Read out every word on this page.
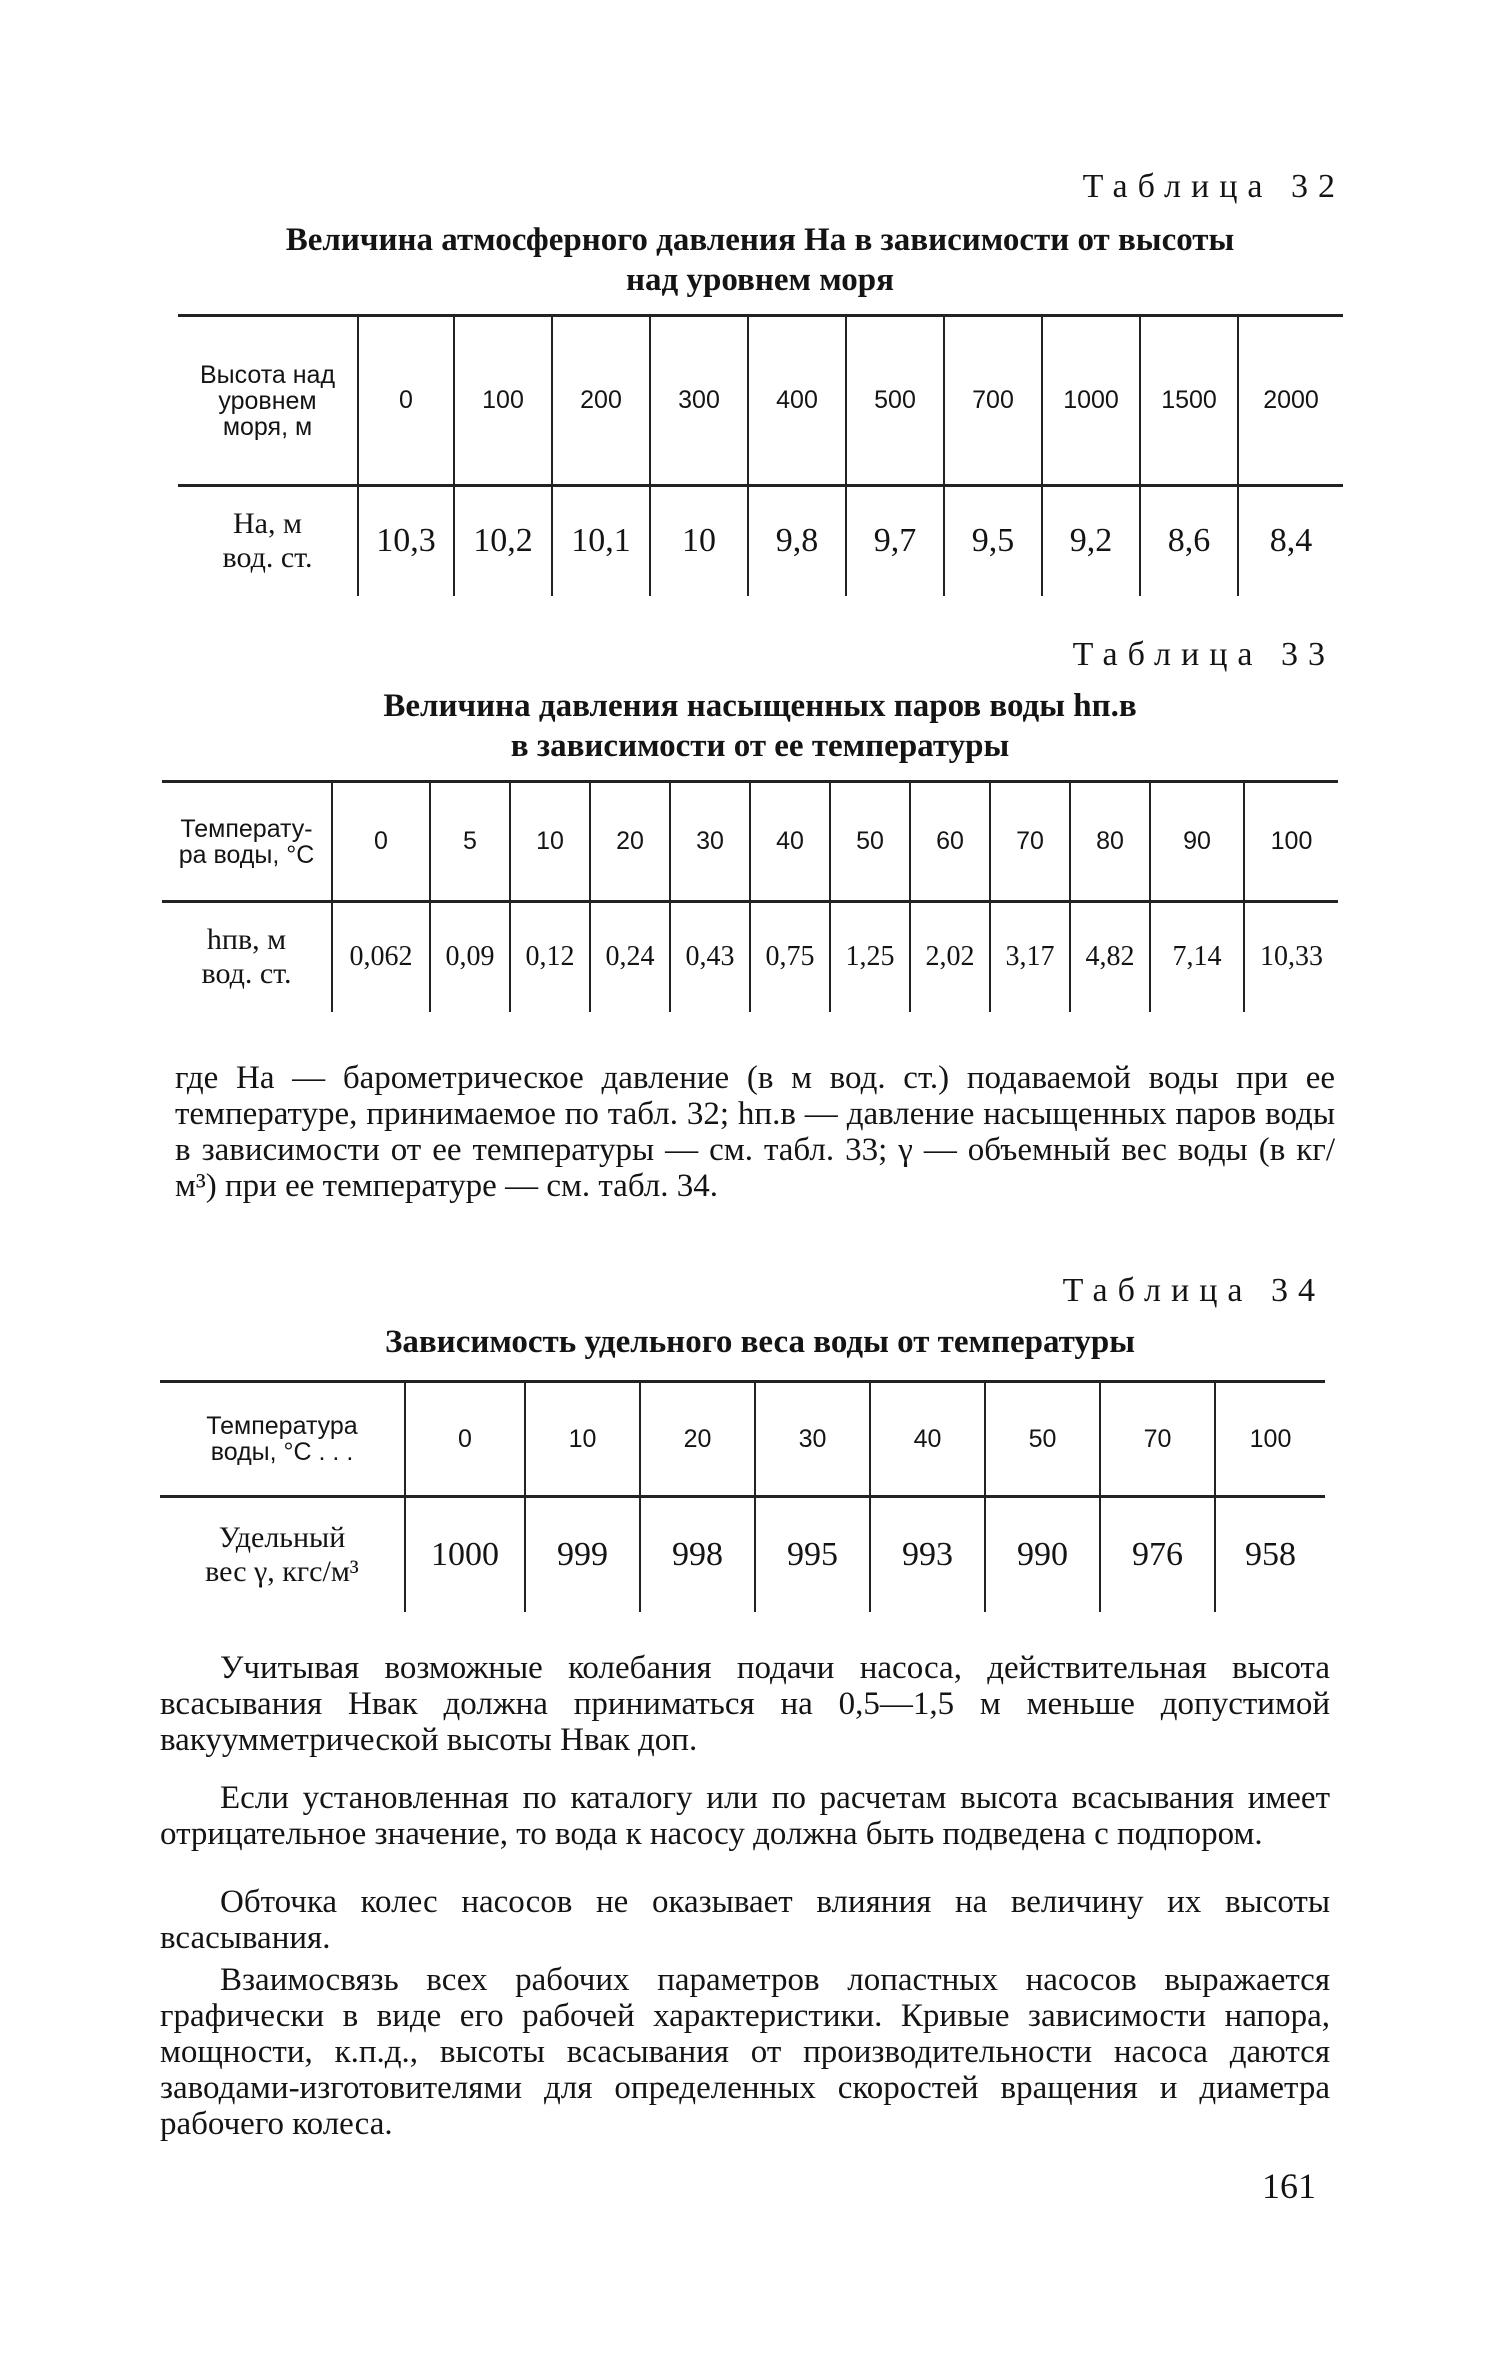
Таблица 32
Величина атмосферного давления Hа в зависимости от высоты
над уровнем моря
Высота над
уровнем
моря, м	0	100	200	300	400	500	700	1000	1500	2000

Hа, м
вод. ст.	10,3	10,2	10,1	10	9,8	9,7	9,5	9,2	8,6	8,4
Таблица 33
Величина давления насыщенных паров воды hп.в
в зависимости от ее температуры
Температу-
ра воды, °C	0	5	10	20	30	40	50	60	70	80	90	100

hпв, м
вод. ст.	0,062	0,09	0,12	0,24	0,43	0,75	1,25	2,02	3,17	4,82	7,14	10,33
где Hа — барометрическое давление (в м вод. ст.) подаваемой воды при ее температуре, принимаемое по табл. 32; hп.в — давление насыщенных паров воды в зависимости от ее температуры — см. табл. 33; γ — объемный вес воды (в кг/м³) при ее температуре — см. табл. 34.
Таблица 34
Зависимость удельного веса воды от температуры
Температура
воды, °C . . .	0	10	20	30	40	50	70	100

Удельный
вес γ, кгс/м³	1000	999	998	995	993	990	976	958
Учитывая возможные колебания подачи насоса, действительная высота всасывания Hвак должна приниматься на 0,5—1,5 м меньше допустимой вакуумметрической высоты Hвак доп.
Если установленная по каталогу или по расчетам высота всасывания имеет отрицательное значение, то вода к насосу должна быть подведена с подпором.
Обточка колес насосов не оказывает влияния на величину их высоты всасывания.
Взаимосвязь всех рабочих параметров лопастных насосов выражается графически в виде его рабочей характеристики. Кривые зависимости напора, мощности, к.п.д., высоты всасывания от производительности насоса даются заводами-изготовителями для определенных скоростей вращения и диаметра рабочего колеса.
161
